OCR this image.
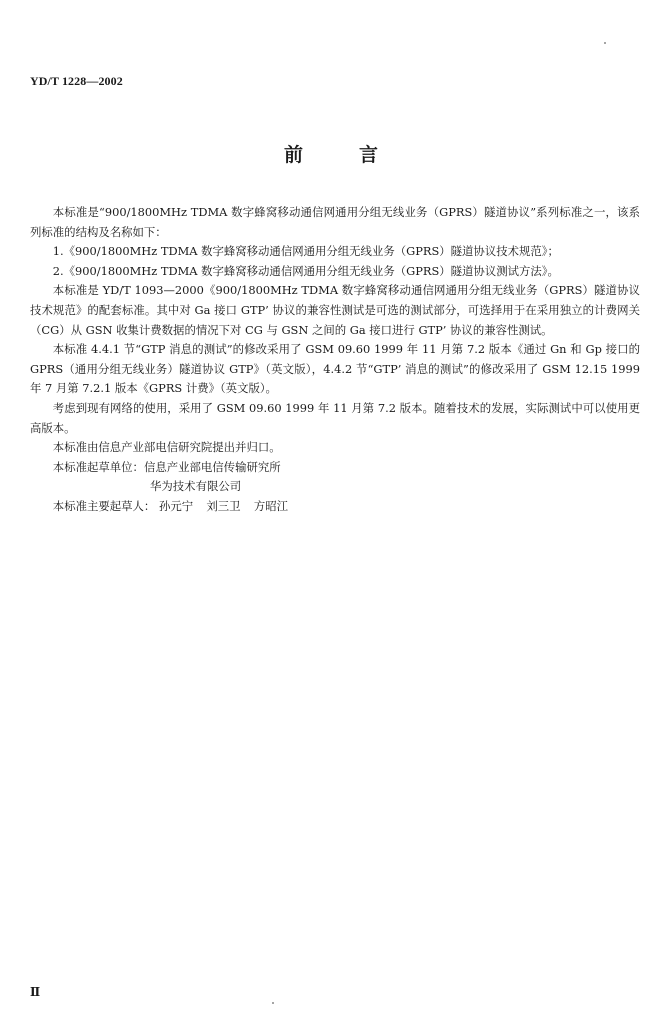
YD/T 1228—2002
前言

本标准是“900/1800MHz TDMA 数字蜂窝移动通信网通用分组无线业务（GPRS）隧道协议”系列标准之一，该系列标准的结构及名称如下：

1.《900/1800MHz TDMA 数字蜂窝移动通信网通用分组无线业务（GPRS）隧道协议技术规范》；

2.《900/1800MHz TDMA 数字蜂窝移动通信网通用分组无线业务（GPRS）隧道协议测试方法》。

本标准是 YD/T 1093—2000《900/1800MHz TDMA 数字蜂窝移动通信网通用分组无线业务（GPRS）隧道协议技术规范》的配套标准。其中对 Ga 接口 GTP’ 协议的兼容性测试是可选的测试部分，可选择用于在采用独立的计费网关（CG）从 GSN 收集计费数据的情况下对 CG 与 GSN 之间的 Ga 接口进行 GTP’ 协议的兼容性测试。

本标准 4.4.1 节“GTP 消息的测试”的修改采用了 GSM 09.60 1999 年 11 月第 7.2 版本《通过 Gn 和 Gp 接口的 GPRS（通用分组无线业务）隧道协议 GTP》（英文版），4.4.2 节“GTP’ 消息的测试”的修改采用了 GSM 12.15 1999 年 7 月第 7.2.1 版本《GPRS 计费》（英文版）。

考虑到现有网络的使用，采用了 GSM 09.60 1999 年 11 月第 7.2 版本。随着技术的发展，实际测试中可以使用更高版本。

本标准由信息产业部电信研究院提出并归口。

本标准起草单位：信息产业部电信传输研究所

华为技术有限公司

本标准主要起草人： 孙元宁 刘三卫 方昭江

Ⅱ
